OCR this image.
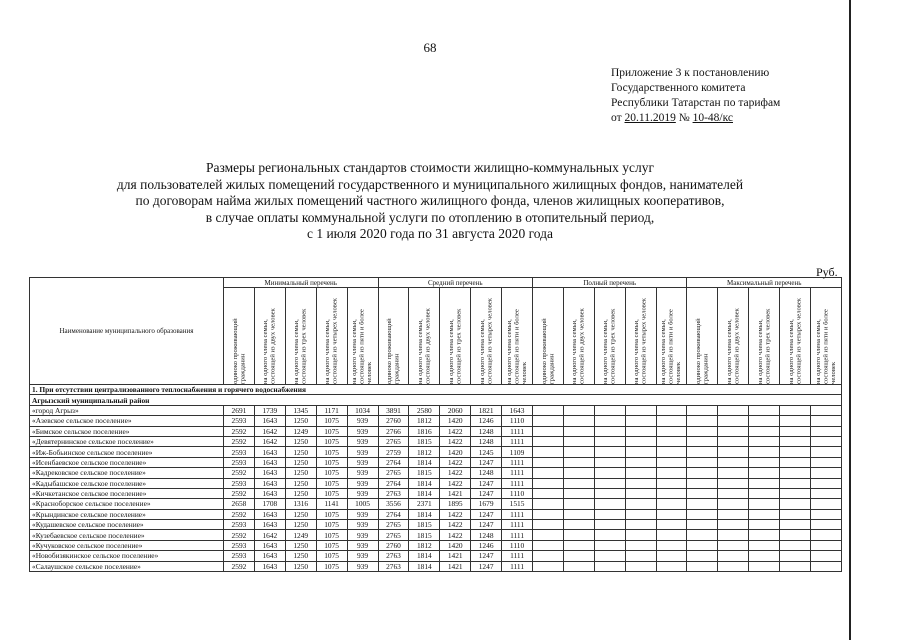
68
Приложение 3 к постановлению
Государственного комитета
Республики Татарстан по тарифам
от 20.11.2019 № 10-48/кс
Размеры региональных стандартов стоимости жилищно-коммунальных услуг
для пользователей жилых помещений государственного и муниципального жилищных фондов, нанимателей
по договорам найма жилых помещений частного жилищного фонда, членов жилищных кооперативов,
в случае оплаты коммунальной услуги по отоплению в отопительный период,
с 1 июля 2020 года по 31 августа 2020 года
Руб.
Наименование муниципального образования	Минимальный перечень					Средний перечень					Полный перечень					Максимальный перечень				

	одиноко проживающий гражданин	на одного члена семьи, состоящей из двух человек	на одного члена семьи, состоящей из трех человек	на одного члена семьи, состоящей из четырех человек	на одного члена семьи, состоящей из пяти и более человек	одиноко проживающий гражданин	на одного члена семьи, состоящей из двух человек	на одного члена семьи, состоящей из трех человек	на одного члена семьи, состоящей из четырех человек	на одного члена семьи, состоящей из пяти и более человек	одиноко проживающий гражданин	на одного члена семьи, состоящей из двух человек	на одного члена семьи, состоящей из трех человек	на одного члена семьи, состоящей из четырех человек	на одного члена семьи, состоящей из пяти и более человек	одиноко проживающий гражданин	на одного члена семьи, состоящей из двух человек	на одного члена семьи, состоящей из трех человек	на одного члена семьи, состоящей из четырех человек	на одного члена семьи, состоящей из пяти и более человек

1. При отсутствии централизованного теплоснабжения и горячего водоснабжения																				
Агрызский муниципальный район																				
«город Агрыз»	2691	1739	1345	1171	1034	3891	2580	2060	1821	1643										
«Азевское сельское поселение»	2593	1643	1250	1075	939	2760	1812	1420	1246	1110										
«Бимское сельское поселение»	2592	1642	1249	1075	939	2766	1816	1422	1248	1111										
«Девятернинское сельское поселение»	2592	1642	1250	1075	939	2765	1815	1422	1248	1111										
«Иж-Бобьинское сельское поселение»	2593	1643	1250	1075	939	2759	1812	1420	1245	1109										
«Исенбаевское сельское поселение»	2593	1643	1250	1075	939	2764	1814	1422	1247	1111										
«Кадрековское сельское поселение»	2592	1643	1250	1075	939	2765	1815	1422	1248	1111										
«Кадыбашское сельское поселение»	2593	1643	1250	1075	939	2764	1814	1422	1247	1111										
«Кичкетанское сельское поселение»	2592	1643	1250	1075	939	2763	1814	1421	1247	1110										
«Красноборское сельское поселение»	2658	1708	1316	1141	1005	3556	2371	1895	1679	1515										
«Крындинское сельское поселение»	2592	1643	1250	1075	939	2764	1814	1422	1247	1111										
«Кудашевское сельское поселение»	2593	1643	1250	1075	939	2765	1815	1422	1247	1111										
«Кузебаевское сельское поселение»	2592	1642	1249	1075	939	2765	1815	1422	1248	1111										
«Кучуковское сельское поселение»	2593	1643	1250	1075	939	2760	1812	1420	1246	1110										
«Новобизякинское сельское поселение»	2593	1643	1250	1075	939	2763	1814	1421	1247	1111										
«Салаушское сельское поселение»	2592	1643	1250	1075	939	2763	1814	1421	1247	1111										
